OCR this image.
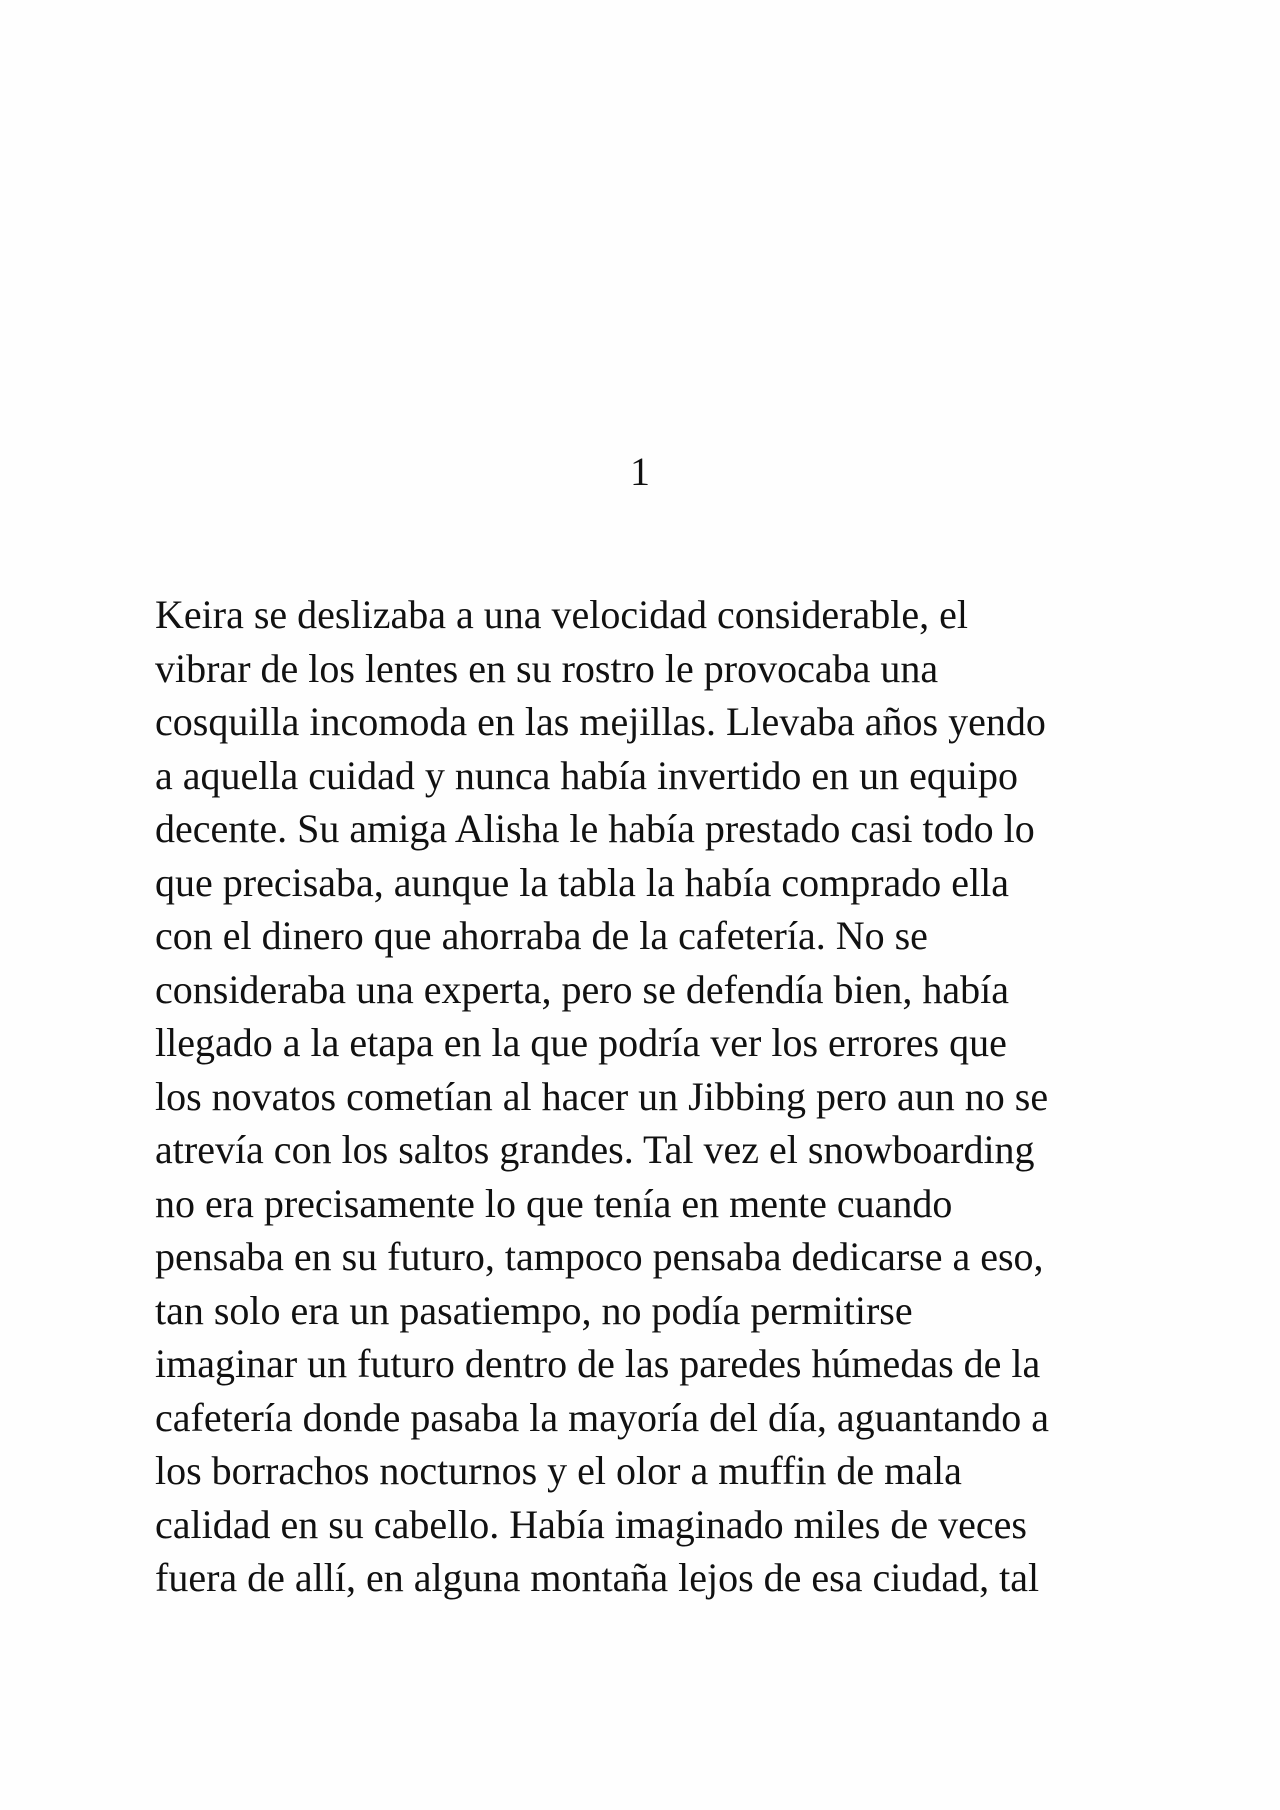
1
Keira se deslizaba a una velocidad considerable, el
vibrar de los lentes en su rostro le provocaba una
cosquilla incomoda en las mejillas. Llevaba años yendo
a aquella cuidad y nunca había invertido en un equipo
decente. Su amiga Alisha le había prestado casi todo lo
que precisaba, aunque la tabla la había comprado ella
con el dinero que ahorraba de la cafetería. No se
consideraba una experta, pero se defendía bien, había
llegado a la etapa en la que podría ver los errores que
los novatos cometían al hacer un Jibbing pero aun no se
atrevía con los saltos grandes. Tal vez el snowboarding
no era precisamente lo que tenía en mente cuando
pensaba en su futuro, tampoco pensaba dedicarse a eso,
tan solo era un pasatiempo, no podía permitirse
imaginar un futuro dentro de las paredes húmedas de la
cafetería donde pasaba la mayoría del día, aguantando a
los borrachos nocturnos y el olor a muffin de mala
calidad en su cabello. Había imaginado miles de veces
fuera de allí, en alguna montaña lejos de esa ciudad, tal
